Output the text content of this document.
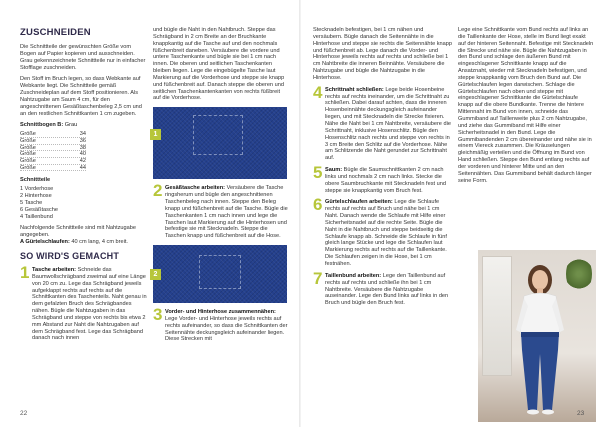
ZUSCHNEIDEN

Die Schnittteile der gewünschten Größe vom Bogen auf Papier kopieren und ausschneiden. Grau gekennzeichnete Schnittteile nur in einfacher Stofflage zuschneiden.

Den Stoff im Bruch legen, so dass Webkante auf Webkante liegt. Die Schnittteile gemäß Zuschneideplan auf dem Stoff positionieren. Als Nahtzugabe am Saum 4 cm, für den angeschnittenen Gesäßtaschenbeleg 2,5 cm und an den restlichen Schnittkanten 1 cm zugeben.

Schnittbogen B: Grau
Größe	34
Größe	36
Größe	38
Größe	40
Größe	42
Größe	44
Schnittteile
1 Vorderhose
2 Hinterhose
5 Tasche
6 Gesäßtasche
4 Taillenbund

Nachfolgende Schnittteile sind mit Nahtzugabe angegeben.
A Gürtelschlaufen: 40 cm lang, 4 cm breit.

SO WIRD'S GEMACHT
1 Tasche arbeiten: Schneide das Baumwollschrägband zweimal auf eine Länge von 20 cm zu. Lege das Schrägband jeweils aufgeklappt rechts auf rechts auf die Schnittkanten des Taschenteils. Naht genau in dem gefalzten Bruch des Schrägbandes nähen. Bügle die Nahtzugaben in das Schrägband und steppe von rechts bis etwa 2 mm Abstand zur Naht die Nahtzugaben auf dem Schrägband fest. Lege das Schrägband danach nach innen

und bügle die Naht in den Nahtbruch. Steppe das Schrägband in 2 cm Breite an der Bruchkante knappkantig auf die Tasche auf und den nochmals füßchenbreit daneben. Versäubere die vordere und untere Taschenkante und bügle sie bei 1 cm nach innen. Die oberen und seitlichen Taschenkanten bleiben liegen. Lege die eingebügelte Tasche laut Markierung auf die Vorderhose und steppe sie knapp und füßchenbreit auf. Danach steppe die oberen und seitlichen Taschenkantenkanten von rechts füßbreit auf die Vorderhose.

1
2 Gesäßtasche arbeiten: Versäubere die Tasche ringsherum und bügle den angeschnittenen Taschenbeleg nach innen. Steppe den Beleg knapp und füßchenbreit auf die Tasche. Bügle die Taschenkanten 1 cm nach innen und lege die Taschen laut Markierung auf die Hinterhosen und befestige sie mit Stecknadeln. Steppe die Taschen knapp und füßchenbreit auf die Hose.
2
3 Vorder- und Hinterhose zusammennähen: Lege Vorder- und Hinterhose jeweils rechts auf rechts aufeinander, so dass die Schnittkanten der Seitennähte deckungsgleich aufeinander liegen. Diese Strecken mit
22

Stecknadeln befestigen, bei 1 cm nähen und versäubern. Bügle danach die Seitennähte in die Hinterhose und steppe sie rechts die Seitennähte knapp und füßchenbreit ab. Lege danach die Vorder- und Hinterhose jeweils rechts auf rechts und schließe bei 1 cm Nahtbreite die inneren Beinnähte. Versäubere die Nahtzugabe und bügle die Nahtzugabe in die Hinterhose.

4 Schrittnaht schließen: Lege beide Hosenbeine rechts auf rechts ineinander, um die Schrittnaht zu schließen. Dabei darauf achten, dass die inneren Hosenbeinnähte deckungsgleich aufeinander liegen, und mit Stecknadeln die Strecke fixieren. Nähe die Naht bei 1 cm Nahtbreite, versäubere die Schrittnaht, inklusive Hosenschlitz. Bügle den Hosenschlitz nach rechts und steppe von rechts in 3 cm Breite den Schlitz auf die Vorderhose. Nähe am Schlitzende die Naht gerundet zur Schrittnaht auf.
5 Saum: Bügle die Saumschnittkanten 2 cm nach links und nochmals 2 cm nach links. Stecke die obere Saumbruchkante mit Stecknadeln fest und steppe sie knappkantig vom Bruch fest.
6 Gürtelschlaufen arbeiten: Lege die Schlaufe rechts auf rechts auf Bruch und nähe bei 1 cm Naht. Danach wende die Schlaufe mit Hilfe einer Sicherheitsnadel auf die rechte Seite. Bügle die Naht in die Nahtbruch und steppe beidseitig die Schlaufe knapp ab. Schneide die Schlaufe in fünf gleich lange Stücke und lege die Schlaufen laut Markierung rechts auf rechts auf die Taillenkante. Die Schlaufen zeigen in die Hose, bei 1 cm festnähen.
7 Taillenbund arbeiten: Lege den Taillenbund auf rechts auf rechts und schließe ihn bei 1 cm Nahtbreite. Versäubere die Nahtzugabe auseinander. Lege den Bund links auf links in den Bruch und bügle den Bruch fest.

Lege eine Schnittkante vom Bund rechts auf links an die Taillenkante der Hose, stelle im Bund liegt exakt auf der hinteren Seitennaht. Befestige mit Stecknadeln die Strecke und nähe sie. Bügle die Nahtzugaben in den Bund und schlage den äußeren Bund mit eingeschlagener Schnittkante knapp auf die Ansatznaht, wieder mit Stecknadeln befestigen, und steppe knappkantig vom Bruch den Bund auf. Die Gürtelschlaufen legen darwischen. Schlage die Gürtelschlaufen nach oben und steppe mit eingeschlagener Schnittkante die Gürtelschlaufe knapp auf die obere Bundkante. Trenne die hintere Mittennaht im Bund von innen, schneide das Gummiband auf Taillenweite plus 2 cm Nahtzugabe, und ziehe das Gummiband mit Hilfe einer Sicherheitsnadel in den Bund. Lege die Gummibandenden 2 cm übereinander und nähe sie in einem Viereck zusammen. Die Kräuselungen gleichmäßig verteilen und die Öffnung im Bund von Hand schließen. Steppe den Bund entlang rechts auf der vorderen und hinterer Mitte und an den Seitennähten. Das Gummiband behält dadurch länger seine Form.

23
